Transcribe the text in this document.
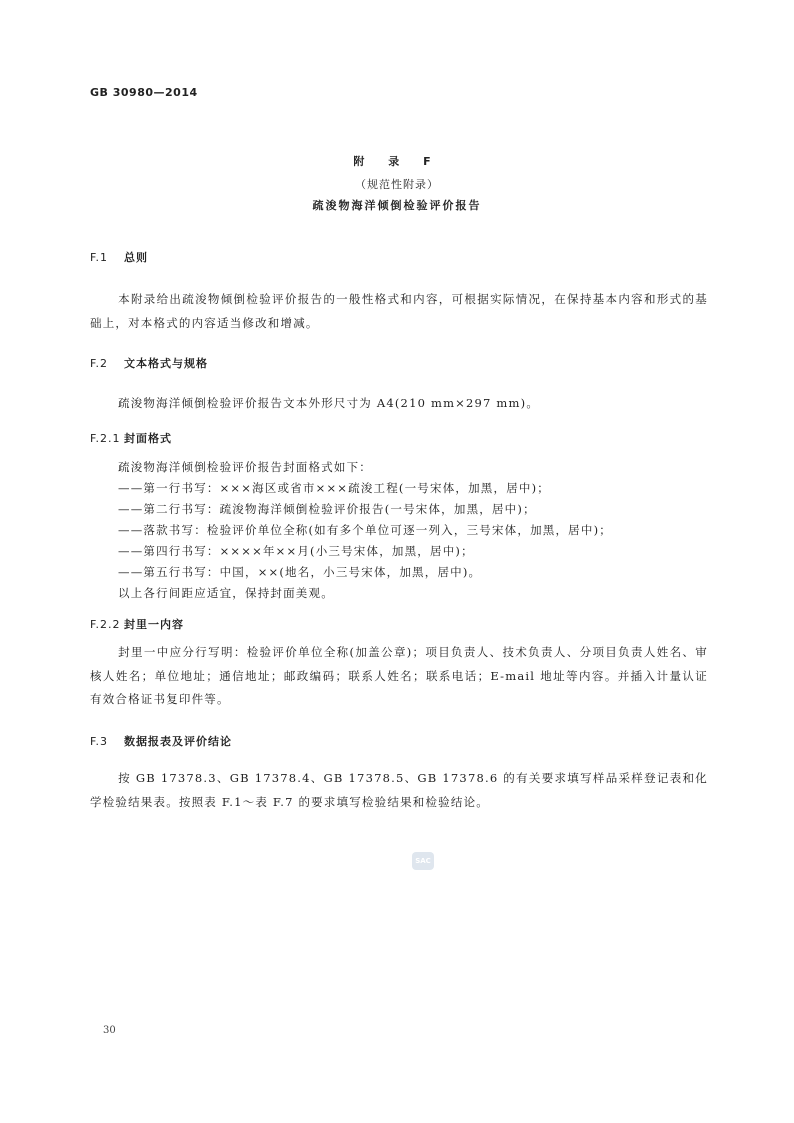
GB 30980—2014
附 录 F
（规范性附录）
疏浚物海洋倾倒检验评价报告
F.1 总则
本附录给出疏浚物倾倒检验评价报告的一般性格式和内容，可根据实际情况，在保持基本内容和形式的基础上，对本格式的内容适当修改和增减。
F.2 文本格式与规格
疏浚物海洋倾倒检验评价报告文本外形尺寸为 A4(210 mm×297 mm)。
F.2.1 封面格式
疏浚物海洋倾倒检验评价报告封面格式如下：
——第一行书写：×××海区或省市×××疏浚工程(一号宋体，加黑，居中)；
——第二行书写：疏浚物海洋倾倒检验评价报告(一号宋体，加黑，居中)；
——落款书写：检验评价单位全称(如有多个单位可逐一列入，三号宋体，加黑，居中)；
——第四行书写：××××年××月(小三号宋体，加黑，居中)；
——第五行书写：中国，××(地名，小三号宋体，加黑，居中)。
以上各行间距应适宜，保持封面美观。
F.2.2 封里一内容
封里一中应分行写明：检验评价单位全称(加盖公章)；项目负责人、技术负责人、分项目负责人姓名、审核人姓名；单位地址；通信地址；邮政编码；联系人姓名；联系电话；E-mail 地址等内容。并插入计量认证有效合格证书复印件等。
F.3 数据报表及评价结论
按 GB 17378.3、GB 17378.4、GB 17378.5、GB 17378.6 的有关要求填写样品采样登记表和化学检验结果表。按照表 F.1～表 F.7 的要求填写检验结果和检验结论。
SAC
30
